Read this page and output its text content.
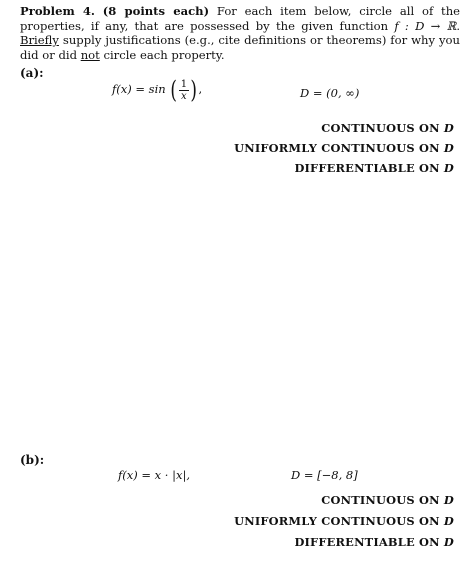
Problem 4. (8 points each) For each item below, circle all of the properties, if any, that are possessed by the given function f : D → ℝ. Briefly supply justifications (e.g., cite definitions or theorems) for why you did or did not circle each property.
(a):
f(x) = sin ( $\frac{1}{x}$ ),	D = (0, ∞)
CONTINUOUS ON D
UNIFORMLY CONTINUOUS ON D
DIFFERENTIABLE ON D
(b):
f(x) = x · |x|,	D = [−8, 8]
CONTINUOUS ON D
UNIFORMLY CONTINUOUS ON D
DIFFERENTIABLE ON D
